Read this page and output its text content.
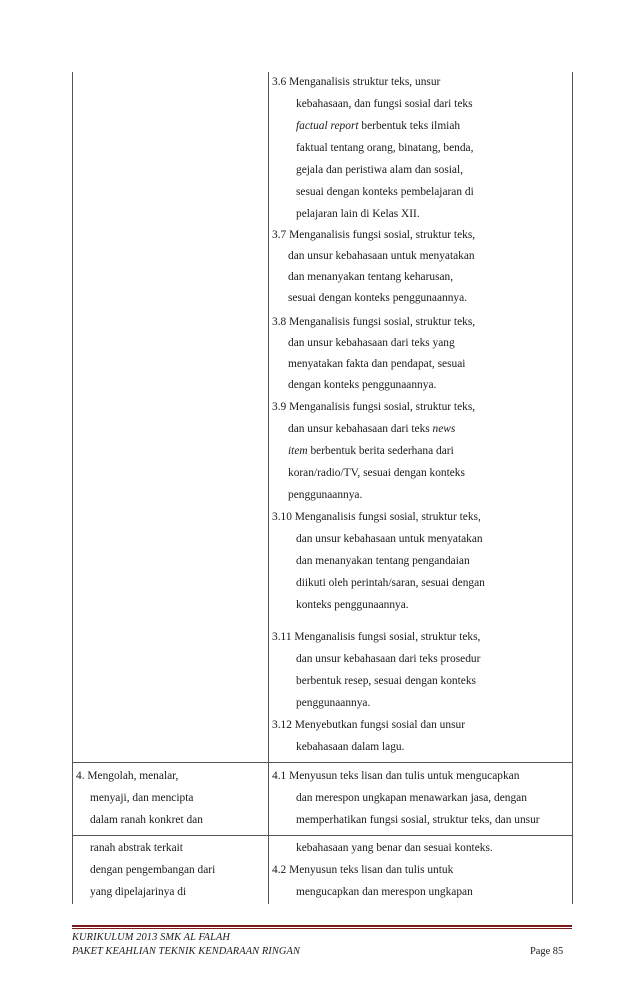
3.6 Menganalisis struktur teks, unsur
kebahasaan, dan fungsi sosial dari teks
factual report berbentuk teks ilmiah
faktual tentang orang, binatang, benda,
gejala dan peristiwa alam dan sosial,
sesuai dengan konteks pembelajaran di
pelajaran lain di Kelas XII.
3.7 Menganalisis fungsi sosial, struktur teks,
dan unsur kebahasaan untuk menyatakan
dan menanyakan tentang keharusan,
sesuai dengan konteks penggunaannya.
3.8 Menganalisis fungsi sosial, struktur teks,
dan unsur kebahasaan dari teks yang
menyatakan fakta dan pendapat, sesuai
dengan konteks penggunaannya.
3.9 Menganalisis fungsi sosial, struktur teks,
dan unsur kebahasaan dari teks news
item berbentuk berita sederhana dari
koran/radio/TV, sesuai dengan konteks
penggunaannya.
3.10 Menganalisis fungsi sosial, struktur teks,
dan unsur kebahasaan untuk menyatakan
dan menanyakan tentang pengandaian
diikuti oleh perintah/saran, sesuai dengan
konteks penggunaannya.
3.11 Menganalisis fungsi sosial, struktur teks,
dan unsur kebahasaan dari teks prosedur
berbentuk resep, sesuai dengan konteks
penggunaannya.
3.12 Menyebutkan fungsi sosial dan unsur
kebahasaan dalam lagu.
4. Mengolah, menalar,
menyaji, dan mencipta
dalam ranah konkret dan
ranah abstrak terkait
dengan pengembangan dari
yang dipelajarinya di
4.1 Menyusun teks lisan dan tulis untuk mengucapkan
dan merespon ungkapan menawarkan jasa, dengan
memperhatikan fungsi sosial, struktur teks, dan unsur
kebahasaan yang benar dan sesuai konteks.
4.2 Menyusun teks lisan dan tulis untuk
mengucapkan dan merespon ungkapan
KURIKULUM 2013 SMK AL FALAH
PAKET KEAHLIAN TEKNIK KENDARAAN RINGAN	Page 85
